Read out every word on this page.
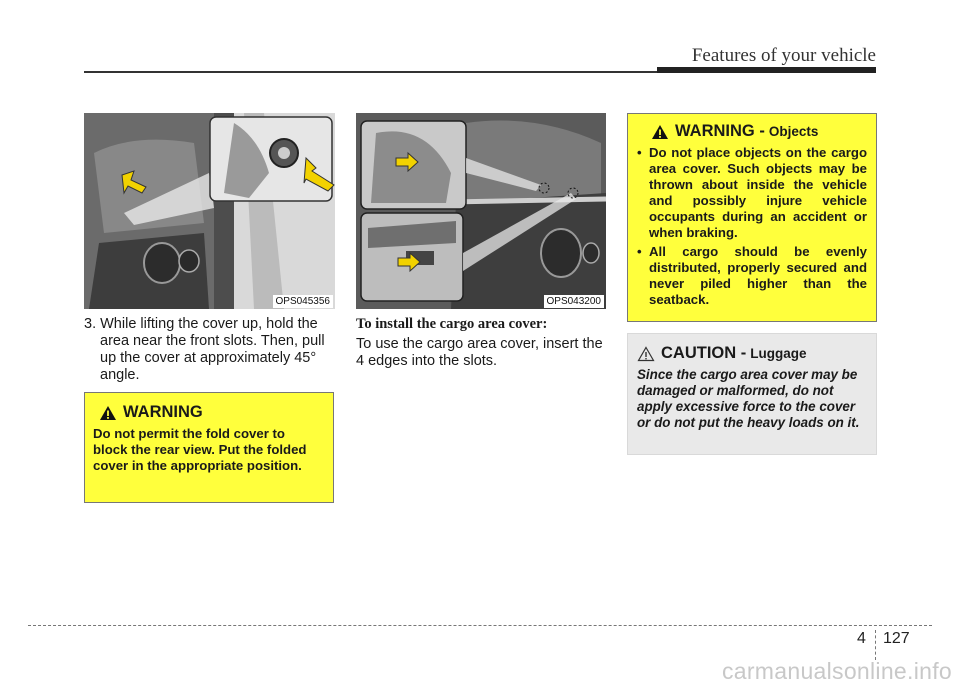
Features of your vehicle
OPS045356	OPS043200
3. While lifting the cover up, hold the area near the front slots. Then, pull up the cover at approximately 45° angle.
To install the cargo area cover:
To use the cargo area cover, insert the 4 edges into the slots.
WARNING
Do not permit the fold cover to block the rear view. Put the folded cover in the appropriate position.
WARNING - Objects
• Do not place objects on the cargo area cover. Such objects may be thrown about inside the vehicle and possibly injure vehicle occupants during an accident or when braking.
• All cargo should be evenly distributed, properly secured and never piled higher than the seatback.
CAUTION - Luggage
Since the cargo area cover may be damaged or malformed, do not apply excessive force to the cover or do not put the heavy loads on it.
4 127
carmanualsonline.info
